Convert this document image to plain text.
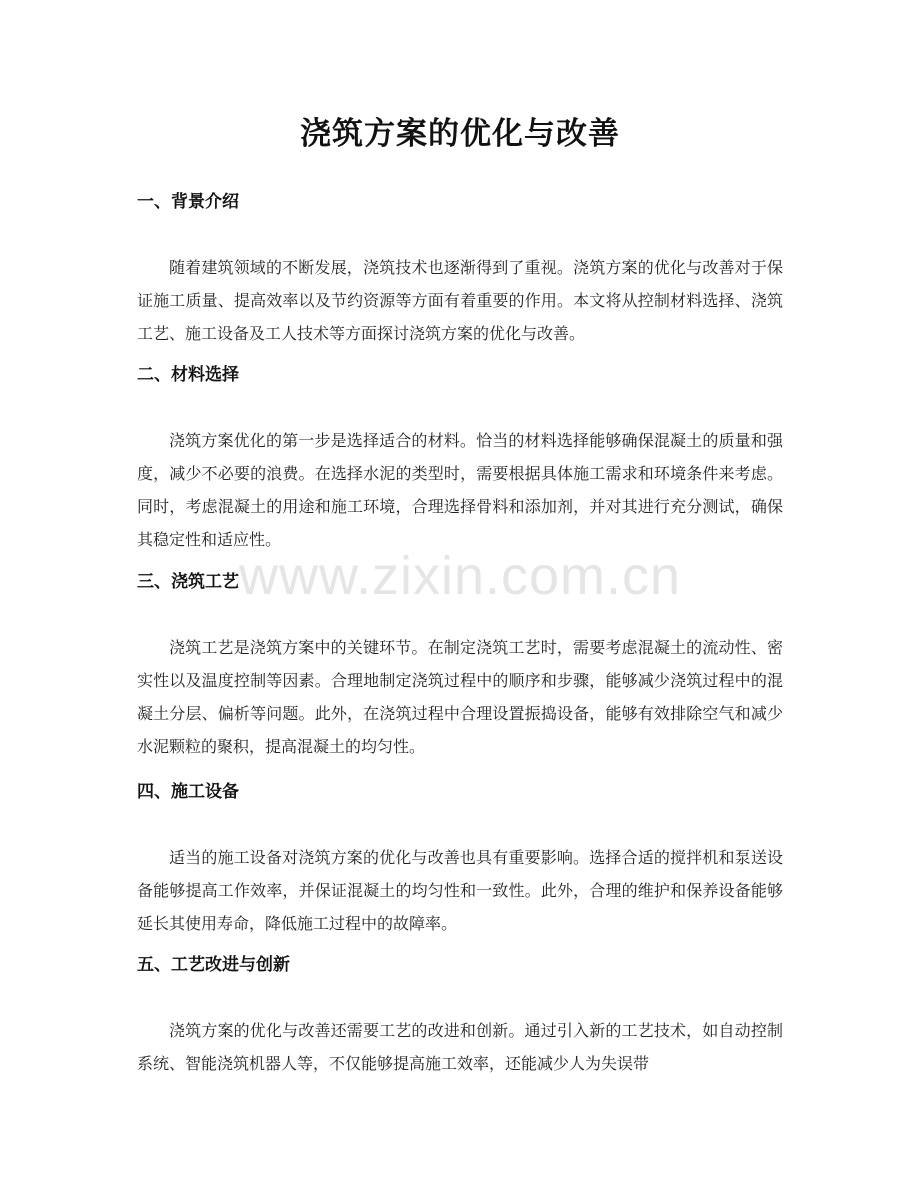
浇筑方案的优化与改善
一、背景介绍

随着建筑领域的不断发展，浇筑技术也逐渐得到了重视。浇筑方案的优化与改善对于保证施工质量、提高效率以及节约资源等方面有着重要的作用。本文将从控制材料选择、浇筑工艺、施工设备及工人技术等方面探讨浇筑方案的优化与改善。

二、材料选择

浇筑方案优化的第一步是选择适合的材料。恰当的材料选择能够确保混凝土的质量和强度，减少不必要的浪费。在选择水泥的类型时，需要根据具体施工需求和环境条件来考虑。同时，考虑混凝土的用途和施工环境，合理选择骨料和添加剂，并对其进行充分测试，确保其稳定性和适应性。

三、浇筑工艺

浇筑工艺是浇筑方案中的关键环节。在制定浇筑工艺时，需要考虑混凝土的流动性、密实性以及温度控制等因素。合理地制定浇筑过程中的顺序和步骤，能够减少浇筑过程中的混凝土分层、偏析等问题。此外，在浇筑过程中合理设置振捣设备，能够有效排除空气和减少水泥颗粒的聚积，提高混凝土的均匀性。

四、施工设备

适当的施工设备对浇筑方案的优化与改善也具有重要影响。选择合适的搅拌机和泵送设备能够提高工作效率，并保证混凝土的均匀性和一致性。此外，合理的维护和保养设备能够延长其使用寿命，降低施工过程中的故障率。

五、工艺改进与创新

浇筑方案的优化与改善还需要工艺的改进和创新。通过引入新的工艺技术，如自动控制系统、智能浇筑机器人等，不仅能够提高施工效率，还能减少人为失误带

www.zixin.com.cn
